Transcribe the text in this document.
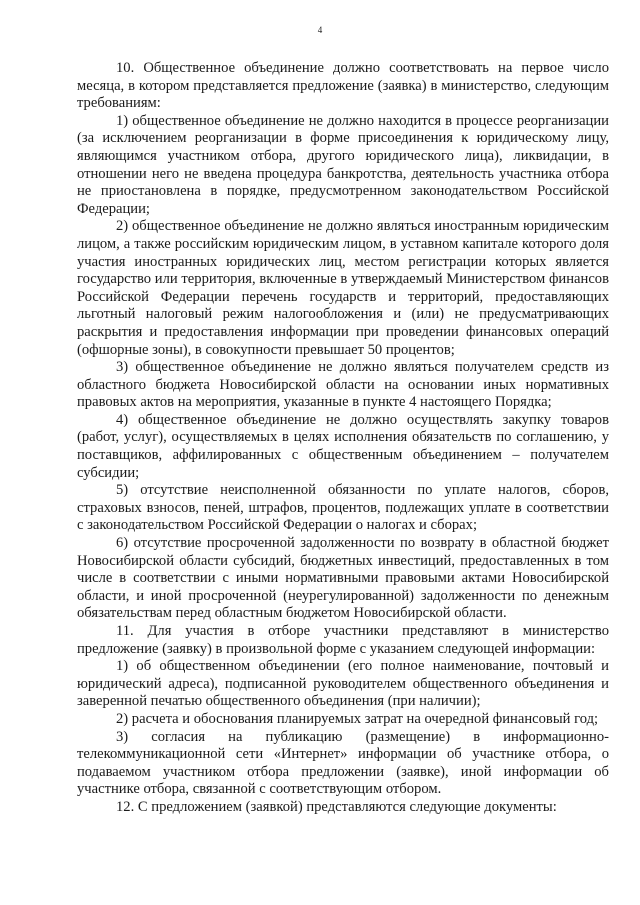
4

10. Общественное объединение должно соответствовать на первое число месяца, в котором представляется предложение (заявка) в министерство, следующим требованиям:

1) общественное объединение не должно находится в процессе реорганизации (за исключением реорганизации в форме присоединения к юридическому лицу, являющимся участником отбора, другого юридического лица), ликвидации, в отношении него не введена процедура банкротства, деятельность участника отбора не приостановлена в порядке, предусмотренном законодательством Российской Федерации;

2) общественное объединение не должно являться иностранным юридическим лицом, а также российским юридическим лицом, в уставном капитале которого доля участия иностранных юридических лиц, местом регистрации которых является государство или территория, включенные в утверждаемый Министерством финансов Российской Федерации перечень государств и территорий, предоставляющих льготный налоговый режим налогообложения и (или) не предусматривающих раскрытия и предоставления информации при проведении финансовых операций (офшорные зоны), в совокупности превышает 50 процентов;

3) общественное объединение не должно являться получателем средств из областного бюджета Новосибирской области на основании иных нормативных правовых актов на мероприятия, указанные в пункте 4 настоящего Порядка;

4) общественное объединение не должно осуществлять закупку товаров (работ, услуг), осуществляемых в целях исполнения обязательств по соглашению, у поставщиков, аффилированных с общественным объединением – получателем субсидии;

5) отсутствие неисполненной обязанности по уплате налогов, сборов, страховых взносов, пеней, штрафов, процентов, подлежащих уплате в соответствии с законодательством Российской Федерации о налогах и сборах;

6) отсутствие просроченной задолженности по возврату в областной бюджет Новосибирской области субсидий, бюджетных инвестиций, предоставленных в том числе в соответствии с иными нормативными правовыми актами Новосибирской области, и иной просроченной (неурегулированной) задолженности по денежным обязательствам перед областным бюджетом Новосибирской области.

11. Для участия в отборе участники представляют в министерство предложение (заявку) в произвольной форме с указанием следующей информации:

1) об общественном объединении (его полное наименование, почтовый и юридический адреса), подписанной руководителем общественного объединения и заверенной печатью общественного объединения (при наличии);

2) расчета и обоснования планируемых затрат на очередной финансовый год;

3) согласия на публикацию (размещение) в информационно-телекоммуникационной сети «Интернет» информации об участнике отбора, о подаваемом участником отбора предложении (заявке), иной информации об участнике отбора, связанной с соответствующим отбором.

12. С предложением (заявкой) представляются следующие документы:
